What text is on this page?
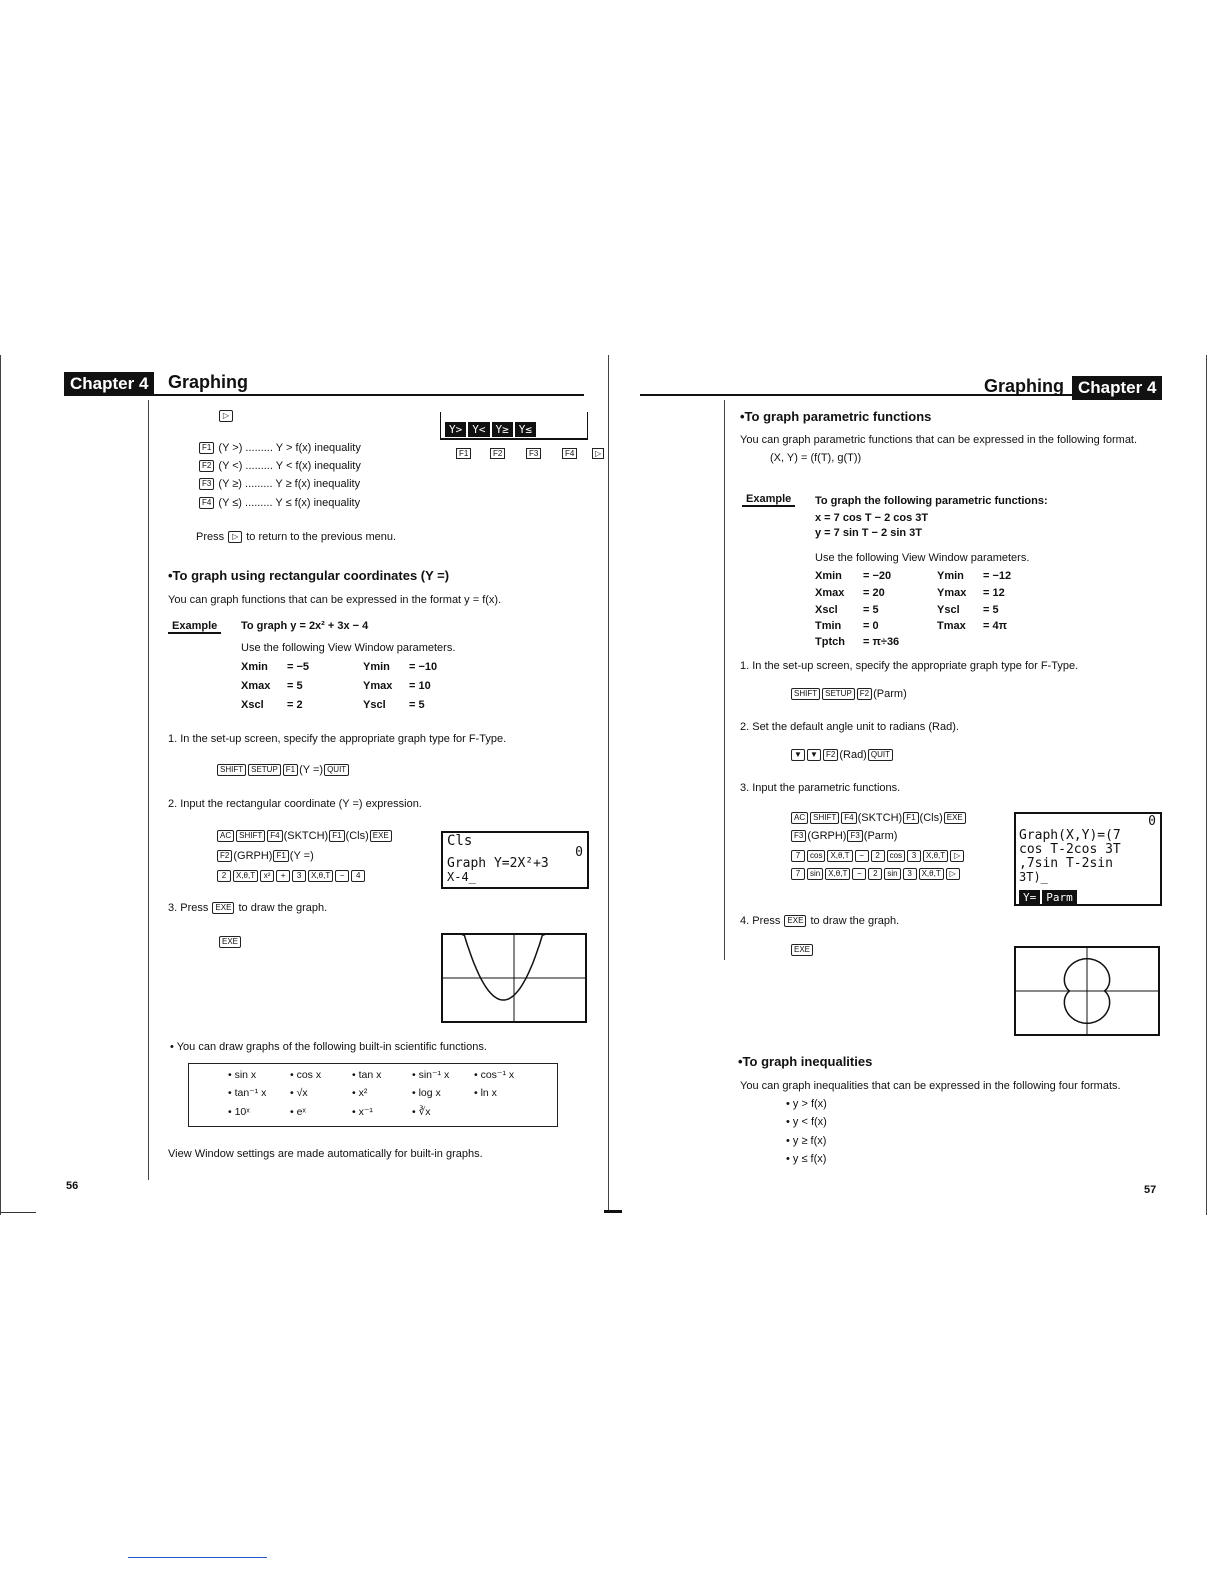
Chapter 4	Graphing
▷
Y> Y< Y≥ Y≤
F1	F2	F3	F4	▷
F1 (Y >) ......... Y > f(x) inequality
F2 (Y <) ......... Y < f(x) inequality
F3 (Y ≥) ......... Y ≥ f(x) inequality
F4 (Y ≤) ......... Y ≤ f(x) inequality
Press ▷ to return to the previous menu.
•To graph using rectangular coordinates (Y =)
You can graph functions that can be expressed in the format y = f(x).
Example	To graph y = 2x² + 3x − 4
Use the following View Window parameters.
Xmin = −5	Ymin = −10
Xmax = 5	Ymax = 10
Xscl = 2	Yscl = 5
1. In the set-up screen, specify the appropriate graph type for F-Type.
SHIFT SETUP F1 (Y =) QUIT
2. Input the rectangular coordinate (Y =) expression.
AC SHIFT F4 (SKTCH) F1 (Cls) EXE
F2 (GRPH) F1 (Y =)
2 X,θ,T x² + 3 X,θ,T − 4
Cls
0
Graph Y=2X²+3
X-4_
3. Press EXE to draw the graph.
EXE
• You can draw graphs of the following built-in scientific functions.
• sin x	• cos x	• tan x	• sin⁻¹ x • cos⁻¹ x
• tan⁻¹ x • √x	• x²	• log x	• ln x
• 10ˣ	• eˣ	• x⁻¹	• ∛x
View Window settings are made automatically for built-in graphs.
56
Graphing Chapter 4
•To graph parametric functions
You can graph parametric functions that can be expressed in the following format.
(X, Y) = (f(T), g(T))
Example	To graph the following parametric functions:
x = 7 cos T − 2 cos 3T
y = 7 sin T − 2 sin 3T
Use the following View Window parameters.
Xmin = −20	Ymin = −12
Xmax = 20	Ymax = 12
Xscl = 5	Yscl = 5
Tmin = 0	Tmax = 4π
Tptch = π÷36
1. In the set-up screen, specify the appropriate graph type for F-Type.
SHIFT SETUP F2 (Parm)
2. Set the default angle unit to radians (Rad).
▼ ▼ F2 (Rad) QUIT
3. Input the parametric functions.
AC SHIFT F4 (SKTCH) F1 (Cls) EXE
F3 (GRPH) F3 (Parm)
7 cos X,θ,T − 2 cos 3 X,θ,T ▷
7 sin X,θ,T − 2 sin 3 X,θ,T ▷
0
Graph(X,Y)=(7
cos T-2cos 3T
,7sin T-2sin
3T)_
Y= Parm
4. Press EXE to draw the graph.
EXE
•To graph inequalities
You can graph inequalities that can be expressed in the following four formats.
• y > f(x)
• y < f(x)
• y ≥ f(x)
• y ≤ f(x)
57
